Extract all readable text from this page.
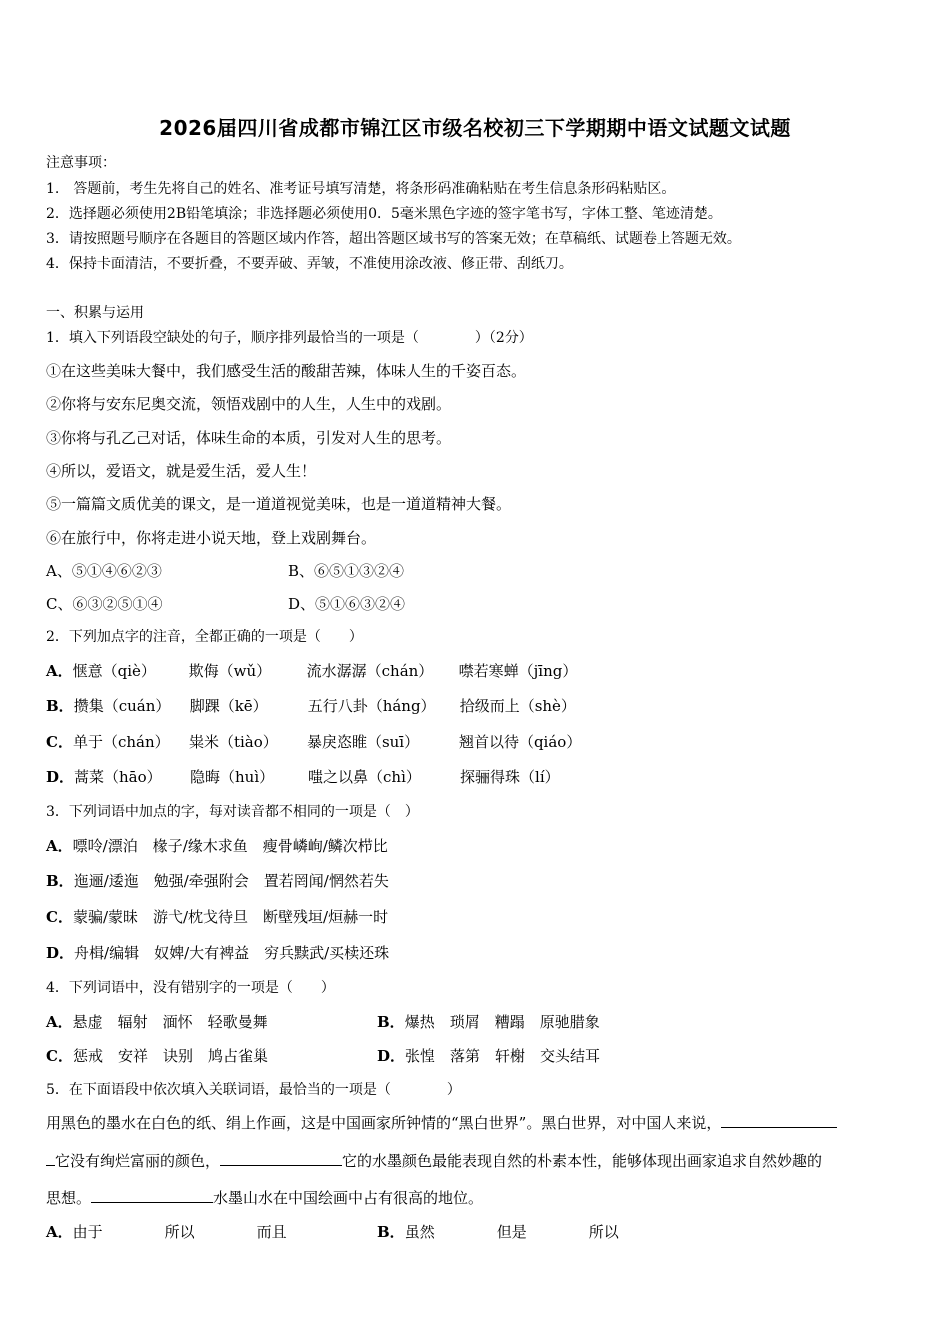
2026届四川省成都市锦江区市级名校初三下学期期中语文试题文试题
注意事项：
1.　答题前，考生先将自己的姓名、准考证号填写清楚，将条形码准确粘贴在考生信息条形码粘贴区。
2．选择题必须使用2B铅笔填涂；非选择题必须使用0．5毫米黑色字迹的签字笔书写，字体工整、笔迹清楚。
3．请按照题号顺序在各题目的答题区域内作答，超出答题区域书写的答案无效；在草稿纸、试题卷上答题无效。
4．保持卡面清洁，不要折叠，不要弄破、弄皱，不准使用涂改液、修正带、刮纸刀。
一、积累与运用
1．填入下列语段空缺处的句子，顺序排列最恰当的一项是（　　　　）（2分）
①在这些美味大餐中，我们感受生活的酸甜苦辣，体味人生的千姿百态。
②你将与安东尼奥交流，领悟戏剧中的人生，人生中的戏剧。
③你将与孔乙己对话，体味生命的本质，引发对人生的思考。
④所以，爱语文，就是爱生活，爱人生！
⑤一篇篇文质优美的课文，是一道道视觉美味，也是一道道精神大餐。
⑥在旅行中，你将走进小说天地，登上戏剧舞台。
A、⑤①④⑥②③	B、⑥⑤①③②④
C、⑥③②⑤①④	D、⑤①⑥③②④
2．下列加点字的注音，全都正确的一项是（　　）
A．惬意（qiè） 欺侮（wǔ） 流水潺潺（chán） 噤若寒蝉（jīng）
B．攒集（cuán） 脚踝（kē）	五行八卦（háng） 拾级而上（shè）
C．单于（chán） 粜米（tiào） 暴戾恣睢（suī）	翘首以待（qiáo）
D．蒿菜（hāo） 隐晦（huì） 嗤之以鼻（chì）	探骊得珠（lí）
3．下列词语中加点的字，每对读音都不相同的一项是（　）
A．嘌呤/漂泊　椽子/缘木求鱼　瘦骨嶙峋/鳞次栉比
B．迤逦/逶迤　勉强/牵强附会　置若罔闻/惘然若失
C．蒙骗/蒙昧　游弋/枕戈待旦　断壁残垣/烜赫一时
D．舟楫/编辑　奴婢/大有裨益　穷兵黩武/买椟还珠
4．下列词语中，没有错别字的一项是（　　）
A．悬虚　辐射　湎怀　轻歌曼舞	B．爆热　琐屑　糟蹋　原驰腊象
C．惩戒　安祥　诀别　鸠占雀巢	D．张惶　落第　轩榭　交头结耳
5．在下面语段中依次填入关联词语，最恰当的一项是（　　　　）
用黑色的墨水在白色的纸、绢上作画，这是中国画家所钟情的“黑白世界”。黑白世界，对中国人来说，
它没有绚烂富丽的颜色，	它的水墨颜色最能表现自然的朴素本性，能够体现出画家追求自然妙趣的
思想。	水墨山水在中国绘画中占有很高的地位。
A．由于	所以	而且	B．虽然	但是	所以
